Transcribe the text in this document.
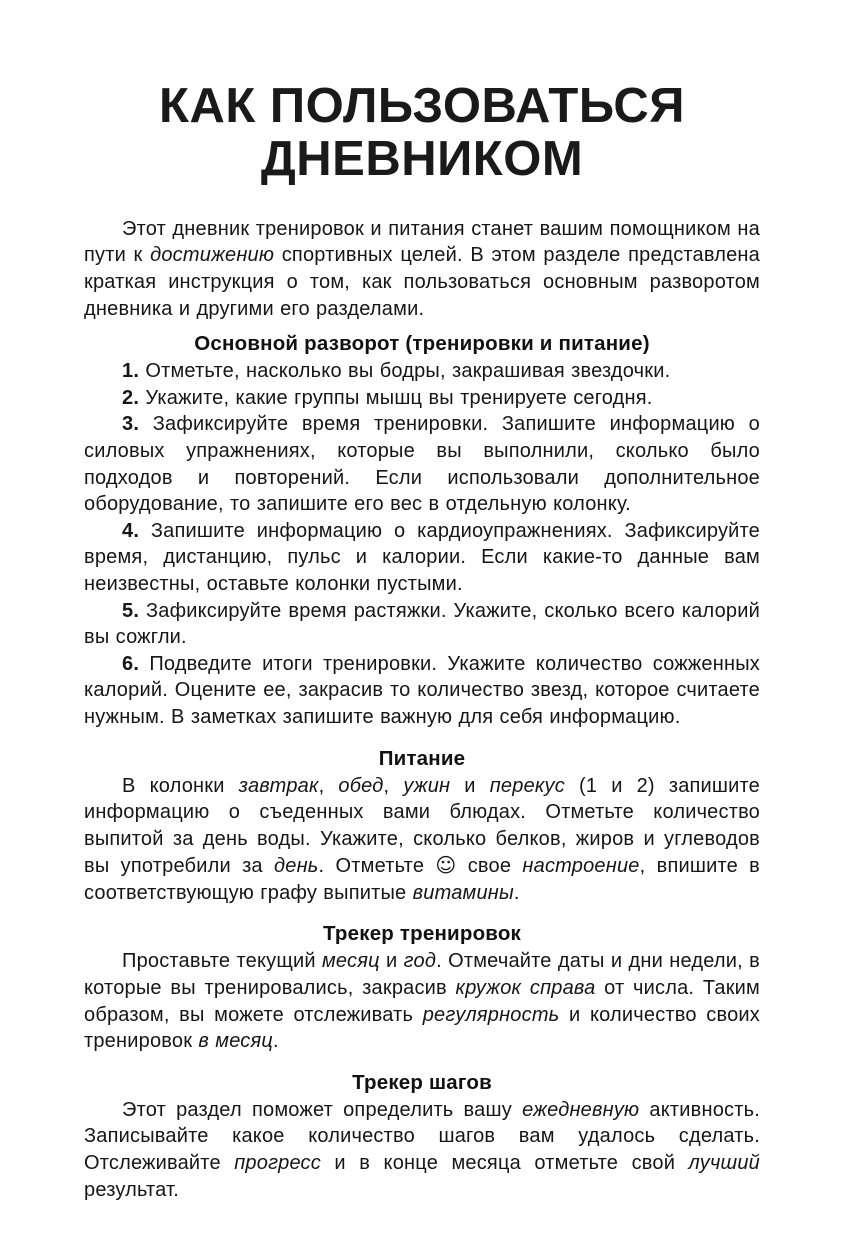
КАК ПОЛЬЗОВАТЬСЯ
ДНЕВНИКОМ

Этот дневник тренировок и питания станет вашим помощником на пути к достижению спортивных целей. В этом разделе представлена краткая инструкция о том, как пользоваться основным разворотом дневника и другими его разделами.

Основной разворот (тренировки и питание)

1. Отметьте, насколько вы бодры, закрашивая звездочки.

2. Укажите, какие группы мышц вы тренируете сегодня.

3. Зафиксируйте время тренировки. Запишите информацию о силовых упражнениях, которые вы выполнили, сколько было подходов и повторений. Если использовали дополнительное оборудование, то запишите его вес в отдельную колонку.

4. Запишите информацию о кардиоупражнениях. Зафиксируйте время, дистанцию, пульс и калории. Если какие-то данные вам неизвестны, оставьте колонки пустыми.

5. Зафиксируйте время растяжки. Укажите, сколько всего калорий вы сожгли.

6. Подведите итоги тренировки. Укажите количество сожженных калорий. Оцените ее, закрасив то количество звезд, которое считаете нужным. В заметках запишите важную для себя информацию.

Питание

В колонки завтрак, обед, ужин и перекус (1 и 2) запишите информацию о съеденных вами блюдах. Отметьте количество выпитой за день воды. Укажите, сколько белков, жиров и углеводов вы употребили за день. Отметьте ☺ свое настроение, впишите в соответствующую графу выпитые витамины.

Трекер тренировок

Проставьте текущий месяц и год. Отмечайте даты и дни недели, в которые вы тренировались, закрасив кружок справа от числа. Таким образом, вы можете отслеживать регулярность и количество своих тренировок в месяц.

Трекер шагов

Этот раздел поможет определить вашу ежедневную активность. Записывайте какое количество шагов вам удалось сделать. Отслеживайте прогресс и в конце месяца отметьте свой лучший результат.
